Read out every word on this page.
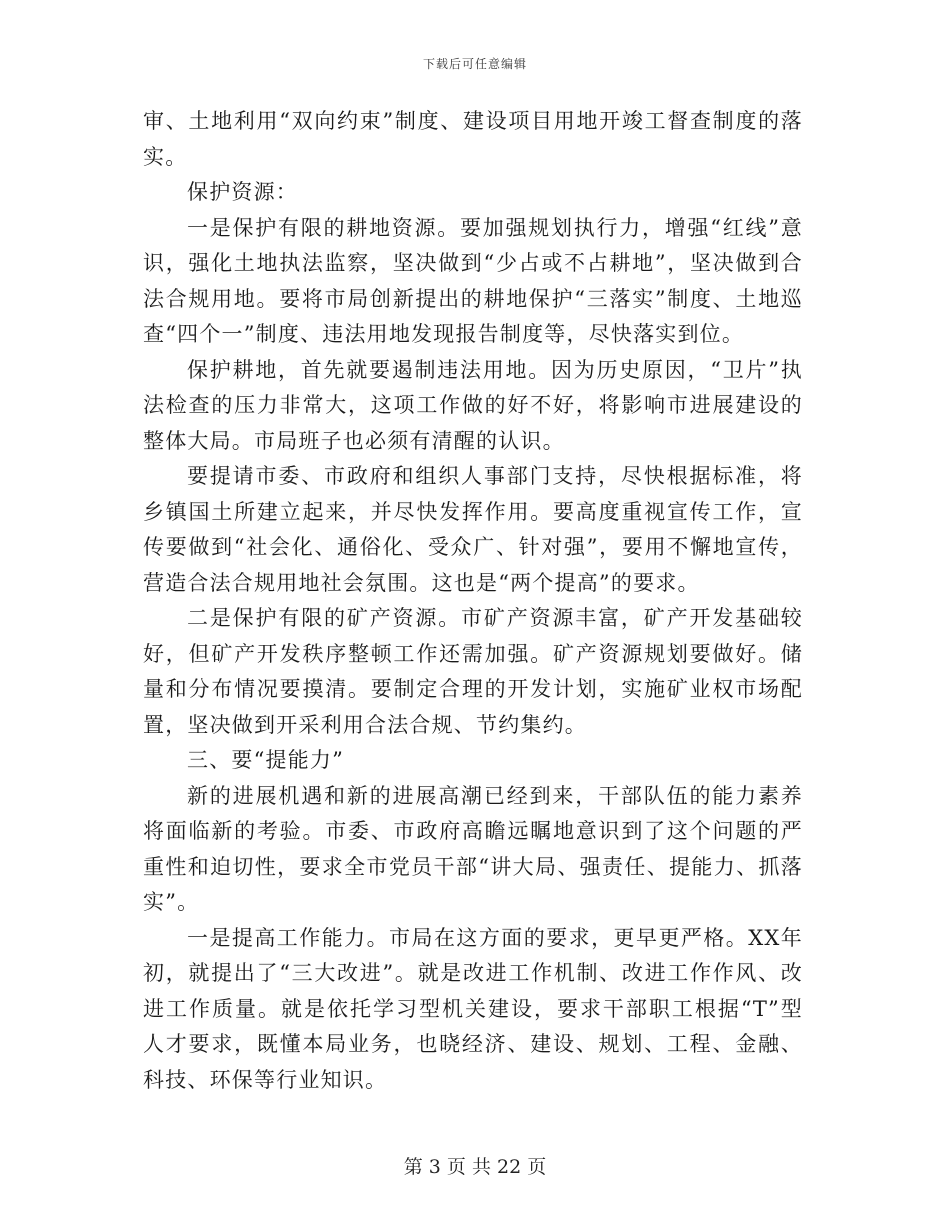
下载后可任意编辑

审、土地利用“双向约束”制度、建设项目用地开竣工督查制度的落实。

保护资源：

一是保护有限的耕地资源。要加强规划执行力，增强“红线”意识，强化土地执法监察，坚决做到“少占或不占耕地”，坚决做到合法合规用地。要将市局创新提出的耕地保护“三落实”制度、土地巡查“四个一”制度、违法用地发现报告制度等，尽快落实到位。

保护耕地，首先就要遏制违法用地。因为历史原因，“卫片”执法检查的压力非常大，这项工作做的好不好，将影响市进展建设的整体大局。市局班子也必须有清醒的认识。

要提请市委、市政府和组织人事部门支持，尽快根据标准，将乡镇国土所建立起来，并尽快发挥作用。要高度重视宣传工作，宣传要做到“社会化、通俗化、受众广、针对强”，要用不懈地宣传，营造合法合规用地社会氛围。这也是“两个提高”的要求。

二是保护有限的矿产资源。市矿产资源丰富，矿产开发基础较好，但矿产开发秩序整顿工作还需加强。矿产资源规划要做好。储量和分布情况要摸清。要制定合理的开发计划，实施矿业权市场配置，坚决做到开采利用合法合规、节约集约。

三、要“提能力”

新的进展机遇和新的进展高潮已经到来，干部队伍的能力素养将面临新的考验。市委、市政府高瞻远瞩地意识到了这个问题的严重性和迫切性，要求全市党员干部“讲大局、强责任、提能力、抓落实”。

一是提高工作能力。市局在这方面的要求，更早更严格。XX年初，就提出了“三大改进”。就是改进工作机制、改进工作作风、改进工作质量。就是依托学习型机关建设，要求干部职工根据“T”型人才要求，既懂本局业务，也晓经济、建设、规划、工程、金融、科技、环保等行业知识。

第 3 页 共 22 页
